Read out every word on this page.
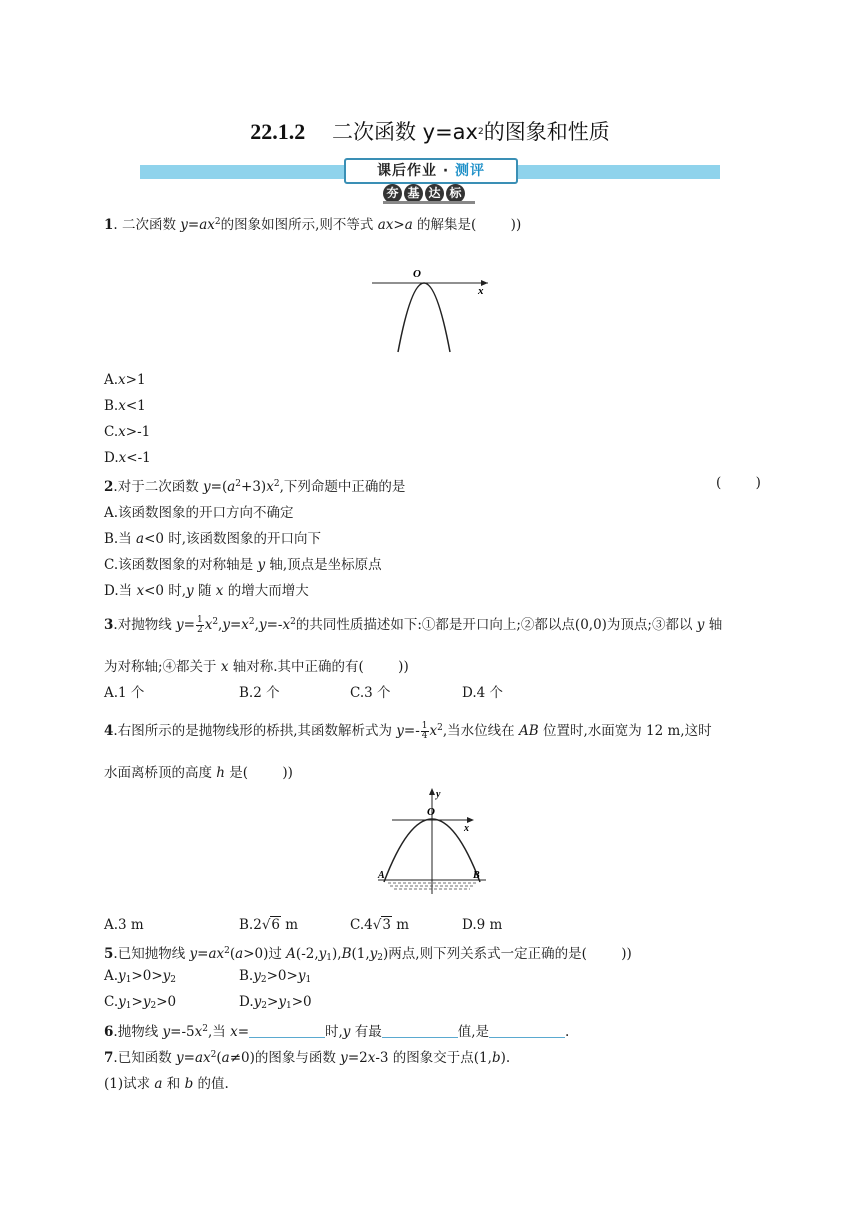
22.1.2 二次函数 $y=ax^2$的图象和性质
课后作业 · 测评
夯 基 达 标
1. 二次函数 $y=ax^2$的图象如图所示,则不等式 ax>a 的解集是(        ))
O
x
A.x>1
B.x<1
C.x>-1
D.x<-1
2.对于二次函数 $y=(a^2+3)x^2$,下列命题中正确的是	(        )
A.该函数图象的开口方向不确定
B.当 a<0 时,该函数图象的开口向下
C.该函数图象的对称轴是 y 轴,顶点是坐标原点
D.当 x<0 时,y 随 x 的增大而增大
3.对抛物线 $y= \frac{1}{2} x^2,y=x^2,y=-x^2$的共同性质描述如下:①都是开口向上;②都以点(0,0)为顶点;③都以 y 轴
为对称轴;④都关于 x 轴对称.其中正确的有(        ))
A.1 个	B.2 个	C.3 个	D.4 个
4.右图所示的是抛物线形的桥拱,其函数解析式为 $y=- \frac{1}{4} x^2$,当水位线在 AB 位置时,水面宽为 12 m,这时
水面离桥顶的高度 h 是(        ))
y
O
x
A	B
A.3 m	B.2√6 m	C.4√3 m	D.9 m
5.已知抛物线 $y=ax^2(a>0)$过 $A(-2,y_1),B(1,y_2)$两点,则下列关系式一定正确的是(        ))
$A.y_1>0>y_2$	$B.y_2>0>y_1$
$C.y_1>y_2>0$	$D.y_2>y_1>0$
6.抛物线 $y=-5x^2$,当 x=	时,y 有最	值,是	.
7.已知函数 $y=ax^2(a\ne 0)$的图象与函数 y=2x-3 的图象交于点(1,b).
(1)试求 a 和 b 的值.
